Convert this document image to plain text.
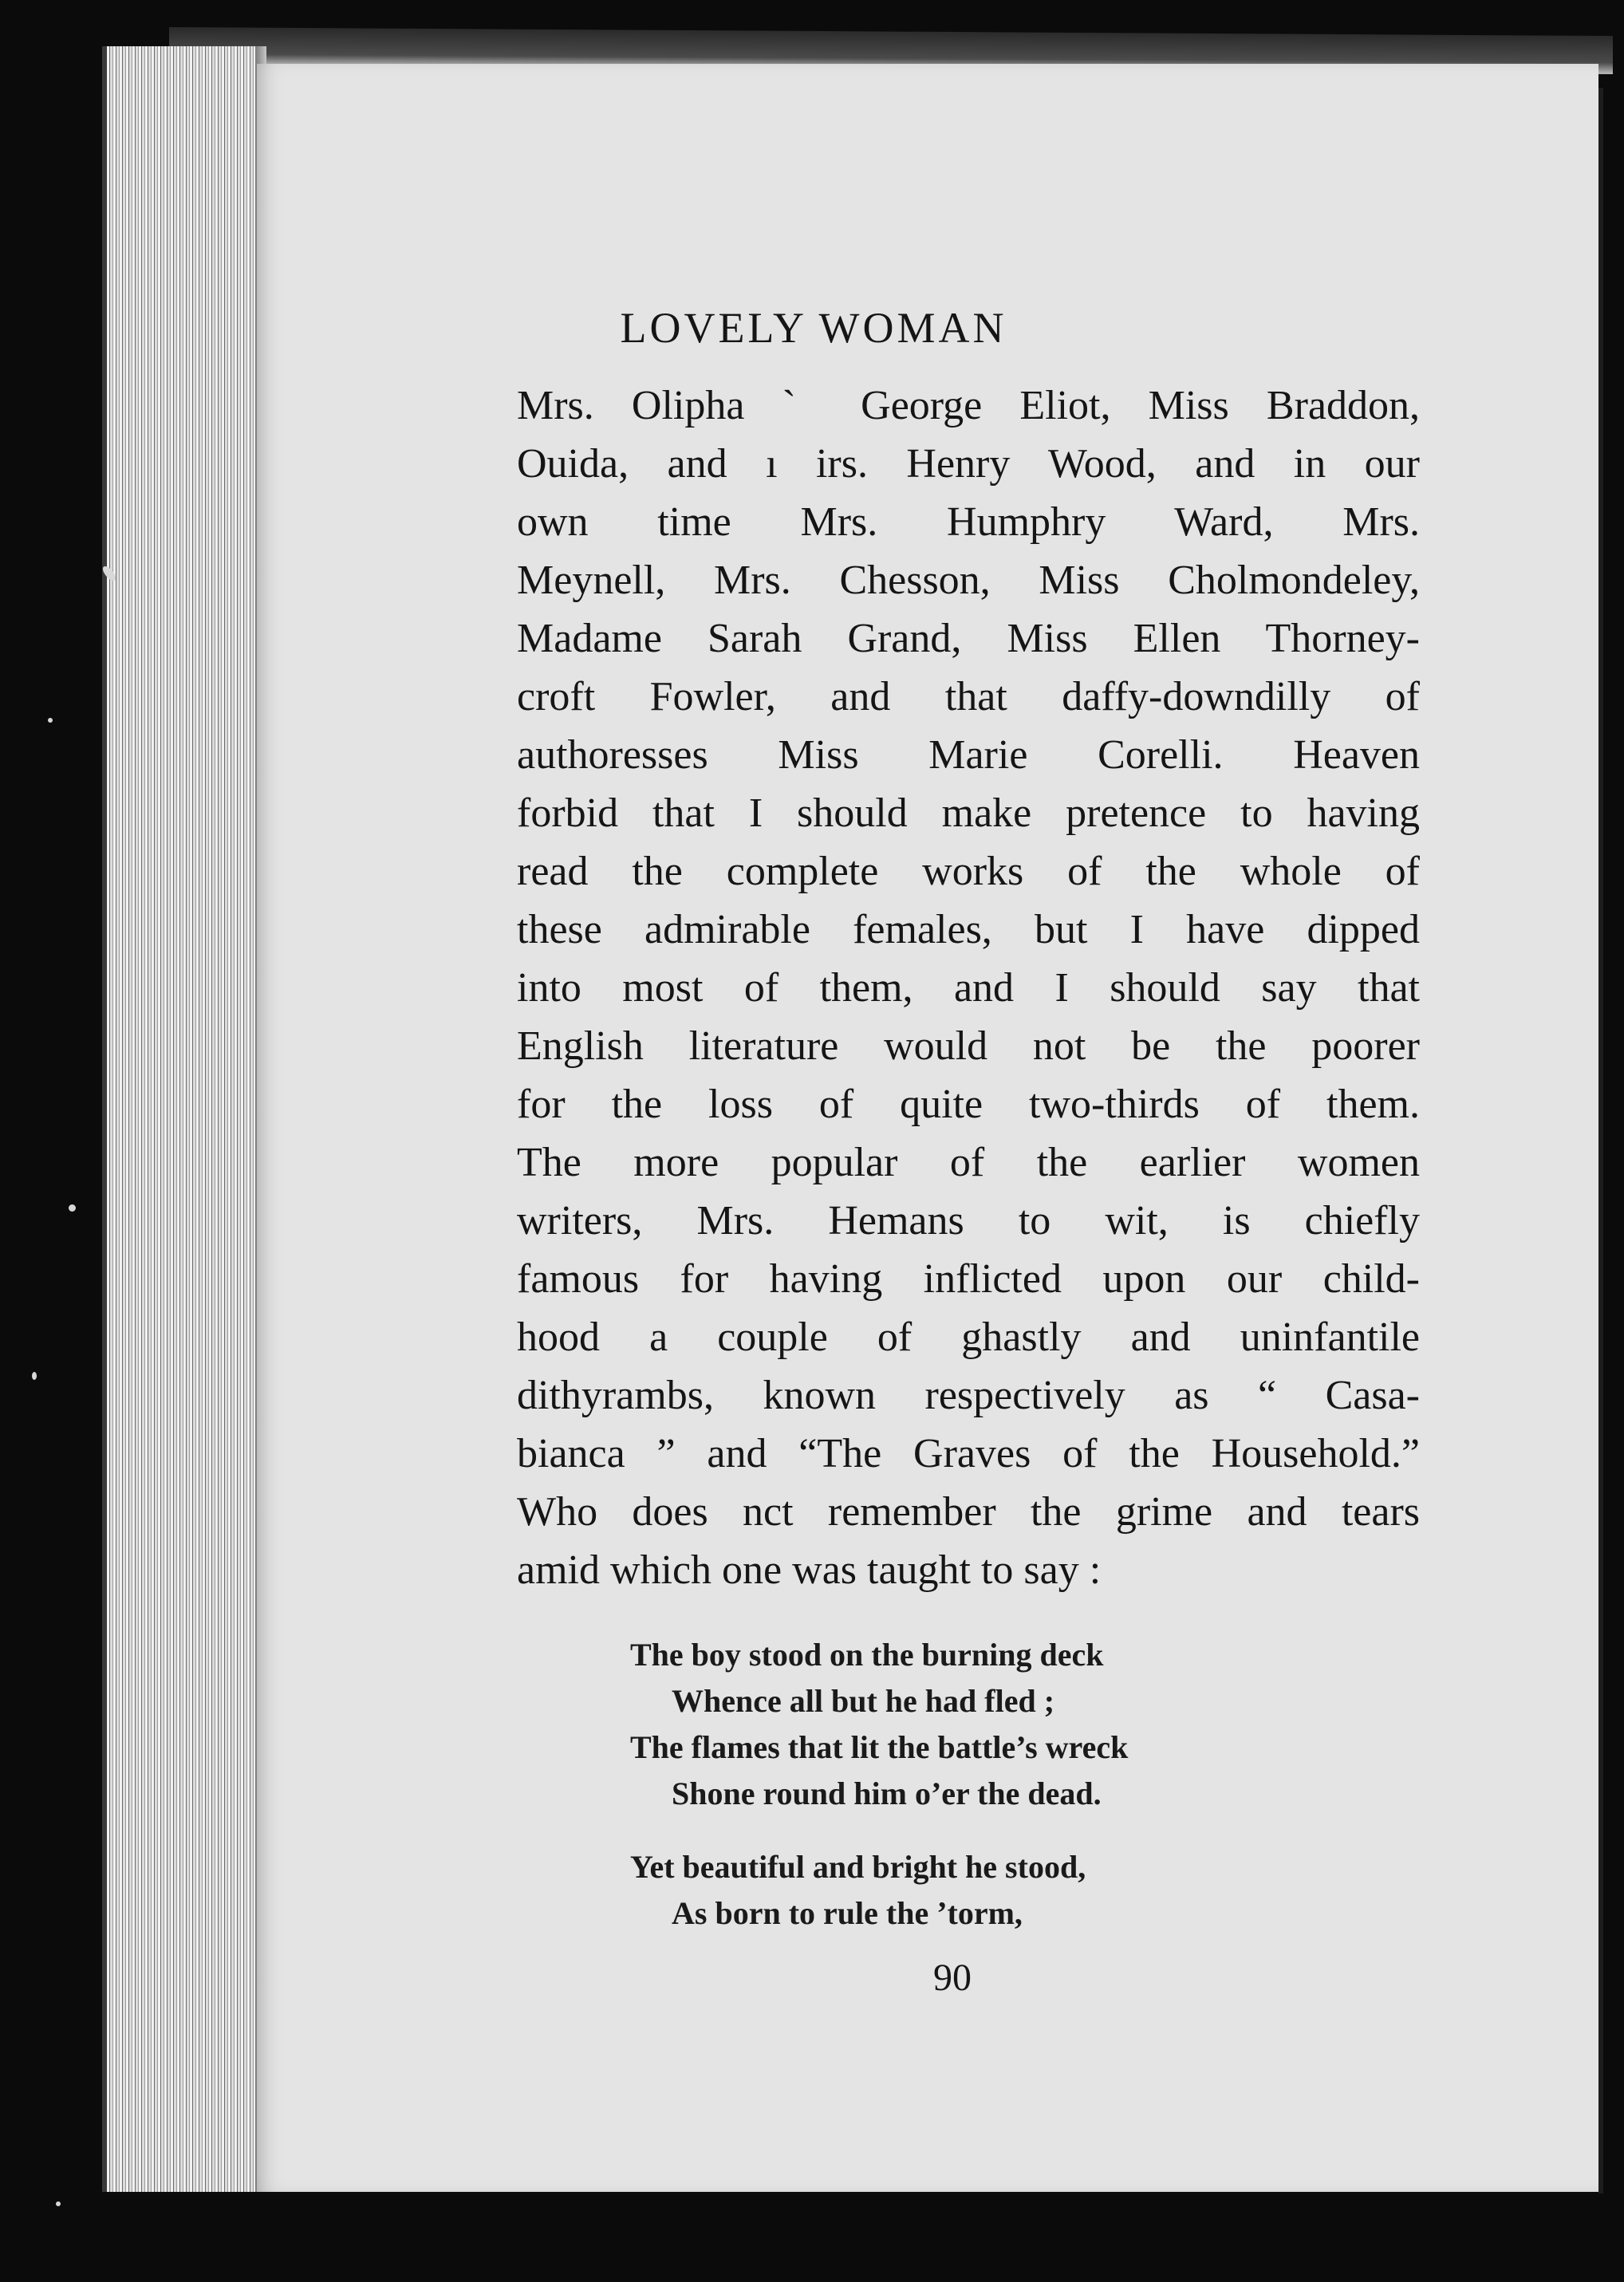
LOVELY WOMAN
Mrs. Olipha ˋ George Eliot, Miss Braddon,
Ouida, and ı irs. Henry Wood, and in our
own time Mrs. Humphry Ward, Mrs.
Meynell, Mrs. Chesson, Miss Cholmondeley,
Madame Sarah Grand, Miss Ellen Thorney-
croft Fowler, and that daffy-downdilly of
authoresses Miss Marie Corelli. Heaven
forbid that I should make pretence to having
read the complete works of the whole of
these admirable females, but I have dipped
into most of them, and I should say that
English literature would not be the poorer
for the loss of quite two-thirds of them.
The more popular of the earlier women
writers, Mrs. Hemans to wit, is chiefly
famous for having inflicted upon our child-
hood a couple of ghastly and uninfantile
dithyrambs, known respectively as “ Casa-
bianca ” and “The Graves of the Household.”
Who does nct remember the grime and tears
amid which one was taught to say :
The boy stood on the burning deck
Whence all but he had fled ;
The flames that lit the battle’s wreck
Shone round him o’er the dead.
Yet beautiful and bright he stood,
As born to rule the ʼtorm,
90
